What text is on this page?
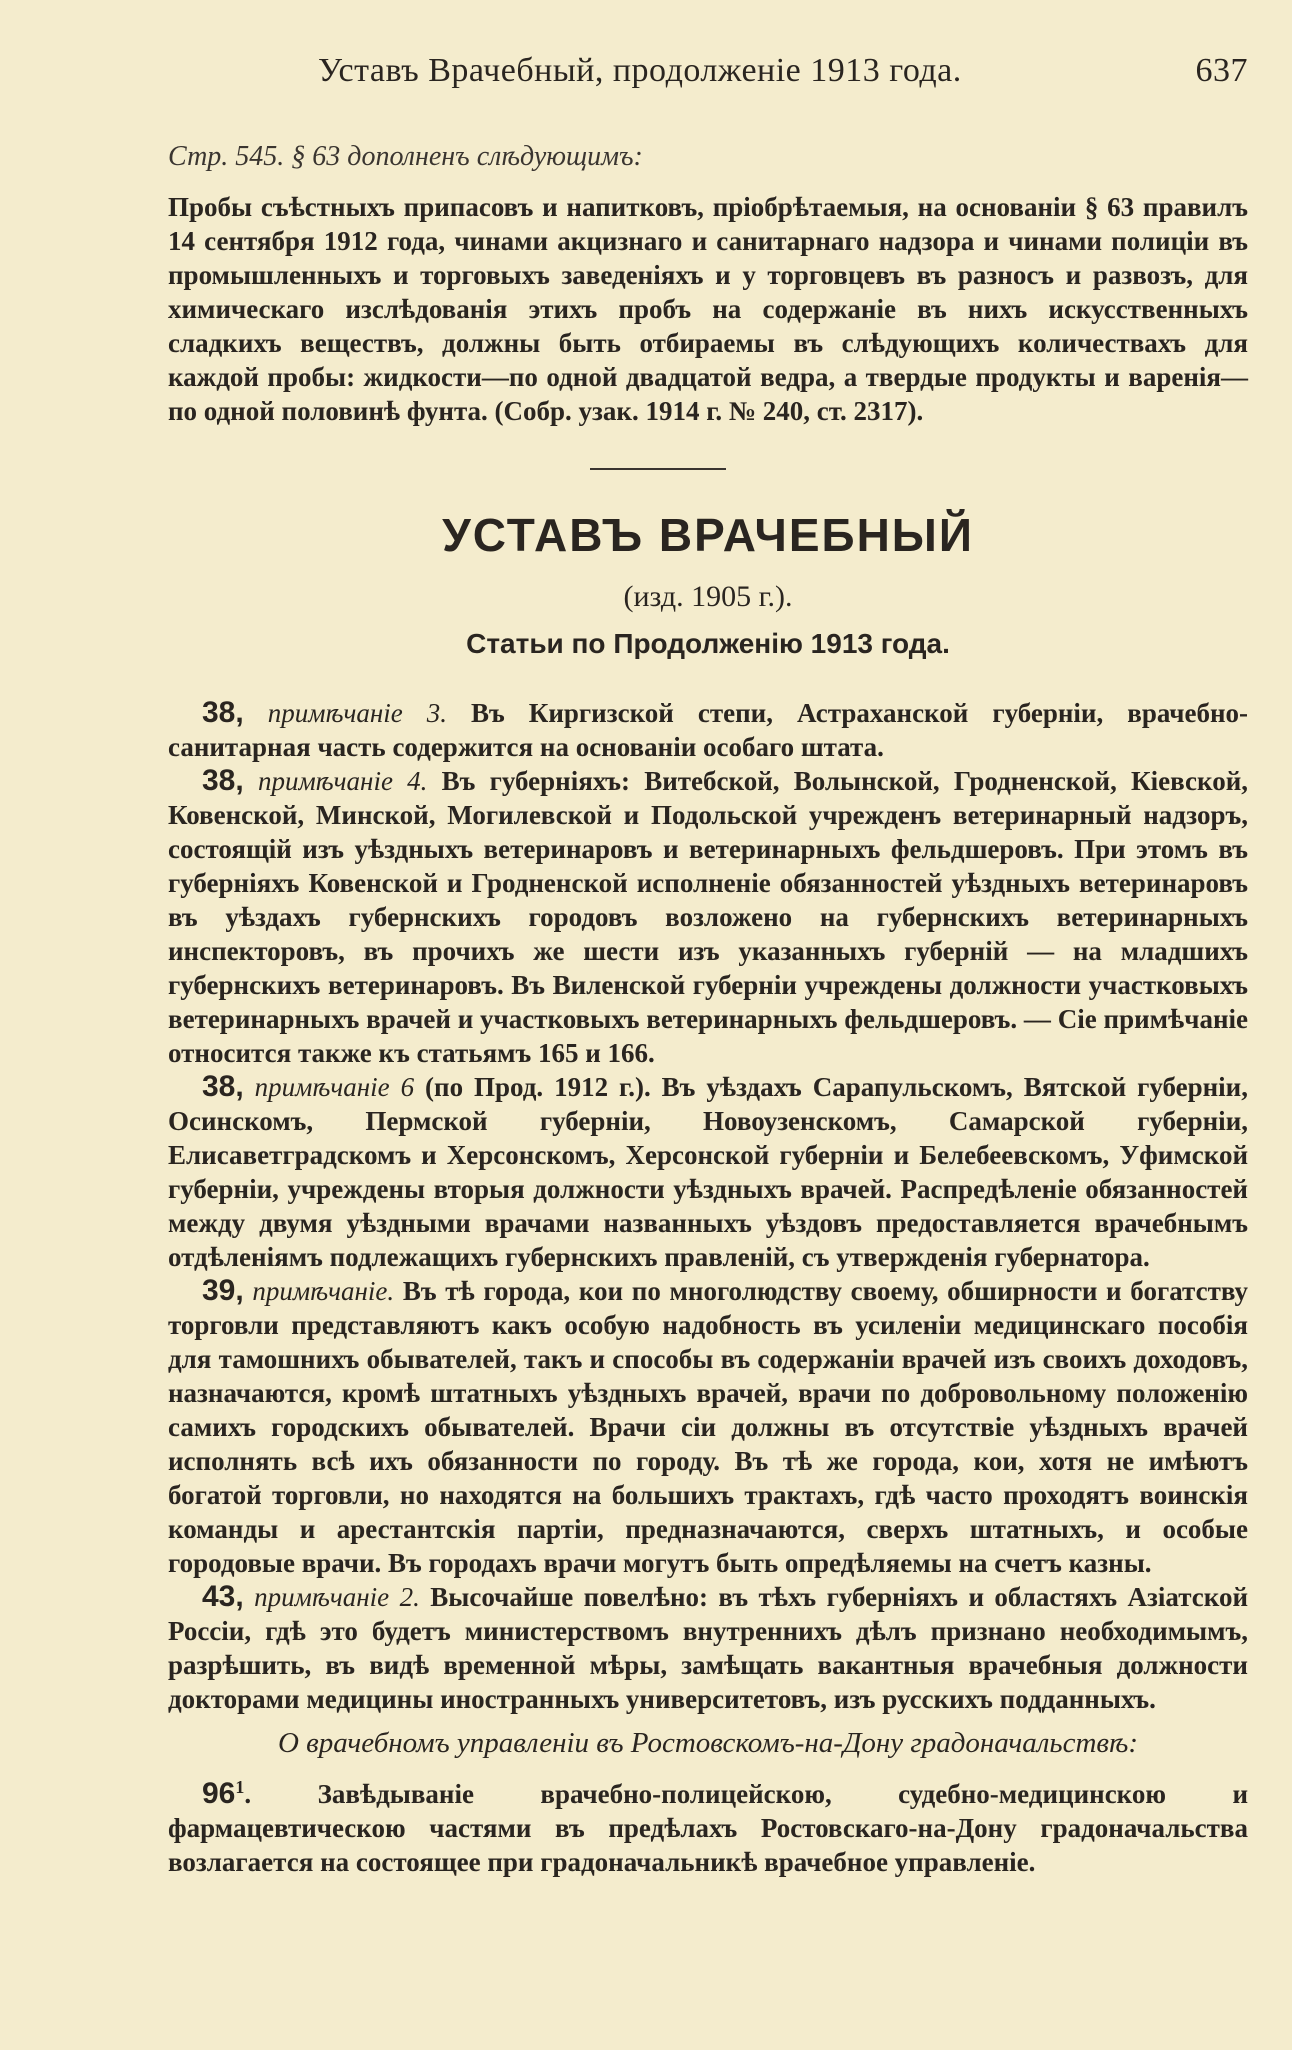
Уставъ Врачебный, продолженіе 1913 года.	637

Стр. 545. § 63 дополненъ слѣдующимъ:

Пробы съѣстныхъ припасовъ и напитковъ, пріобрѣтаемыя, на основаніи § 63 правилъ 14 сентября 1912 года, чинами акцизнаго и санитарнаго надзора и чинами полиціи въ промышленныхъ и торговыхъ заведеніяхъ и у торговцевъ въ разносъ и развозъ, для химическаго изслѣдованія этихъ пробъ на содержаніе въ нихъ искусственныхъ сладкихъ веществъ, должны быть отбираемы въ слѣдующихъ количествахъ для каждой пробы: жидкости—по одной двадцатой ведра, а твердые продукты и варенія—по одной половинѣ фунта. (Собр. узак. 1914 г. № 240, ст. 2317).

УСТАВЪ ВРАЧЕБНЫЙ
(изд. 1905 г.).
Статьи по Продолженію 1913 года.

38, примѣчаніе 3. Въ Киргизской степи, Астраханской губерніи, врачебно-санитарная часть содержится на основаніи особаго штата.

38, примѣчаніе 4. Въ губерніяхъ: Витебской, Волынской, Гродненской, Кіевской, Ковенской, Минской, Могилевской и Подольской учрежденъ ветеринарный надзоръ, состоящій изъ уѣздныхъ ветеринаровъ и ветеринарныхъ фельдшеровъ. При этомъ въ губерніяхъ Ковенской и Гродненской исполненіе обязанностей уѣздныхъ ветеринаровъ въ уѣздахъ губернскихъ городовъ возложено на губернскихъ ветеринарныхъ инспекторовъ, въ прочихъ же шести изъ указанныхъ губерній — на младшихъ губернскихъ ветеринаровъ. Въ Виленской губерніи учреждены должности участковыхъ ветеринарныхъ врачей и участковыхъ ветеринарныхъ фельдшеровъ. — Сіе примѣчаніе относится также къ статьямъ 165 и 166.

38, примѣчаніе 6 (по Прод. 1912 г.). Въ уѣздахъ Сарапульскомъ, Вятской губерніи, Осинскомъ, Пермской губерніи, Новоузенскомъ, Самарской губерніи, Елисаветградскомъ и Херсонскомъ, Херсонской губерніи и Белебеевскомъ, Уфимской губерніи, учреждены вторыя должности уѣздныхъ врачей. Распредѣленіе обязанностей между двумя уѣздными врачами названныхъ уѣздовъ предоставляется врачебнымъ отдѣленіямъ подлежащихъ губернскихъ правленій, съ утвержденія губернатора.

39, примѣчаніе. Въ тѣ города, кои по многолюдству своему, обширности и богатству торговли представляютъ какъ особую надобность въ усиленіи медицинскаго пособія для тамошнихъ обывателей, такъ и способы въ содержаніи врачей изъ своихъ доходовъ, назначаются, кромѣ штатныхъ уѣздныхъ врачей, врачи по добровольному положенію самихъ городскихъ обывателей. Врачи сіи должны въ отсутствіе уѣздныхъ врачей исполнять всѣ ихъ обязанности по городу. Въ тѣ же города, кои, хотя не имѣютъ богатой торговли, но находятся на большихъ трактахъ, гдѣ часто проходятъ воинскія команды и арестантскія партіи, предназначаются, сверхъ штатныхъ, и особые городовые врачи. Въ городахъ врачи могутъ быть опредѣляемы на счетъ казны.

43, примѣчаніе 2. Высочайше повелѣно: въ тѣхъ губерніяхъ и областяхъ Азіатской Россіи, гдѣ это будетъ министерствомъ внутреннихъ дѣлъ признано необходимымъ, разрѣшить, въ видѣ временной мѣры, замѣщать вакантныя врачебныя должности докторами медицины иностранныхъ университетовъ, изъ русскихъ подданныхъ.

О врачебномъ управленіи въ Ростовскомъ-на-Дону градоначальствѣ:

$96^1$. Завѣдываніе врачебно-полицейскою, судебно-медицинскою и фармацевтическою частями въ предѣлахъ Ростовскаго-на-Дону градоначальства возлагается на состоящее при градоначальникѣ врачебное управленіе.
